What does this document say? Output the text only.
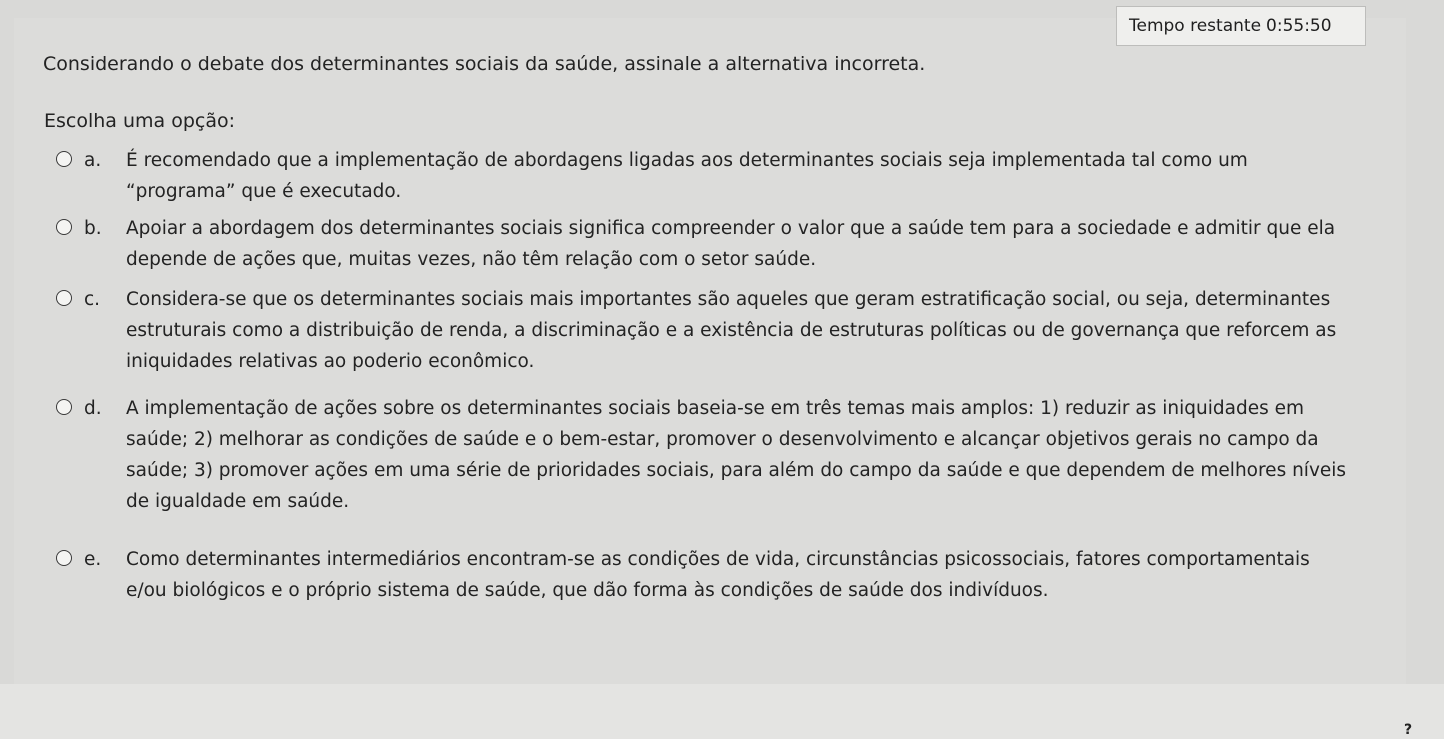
Tempo restante 0:55:50

Considerando o debate dos determinantes sociais da saúde, assinale a alternativa incorreta.

Escolha uma opção:

a. É recomendado que a implementação de abordagens ligadas aos determinantes sociais seja implementada tal como um “programa” que é executado.
b. Apoiar a abordagem dos determinantes sociais significa compreender o valor que a saúde tem para a sociedade e admitir que ela depende de ações que, muitas vezes, não têm relação com o setor saúde.
c. Considera-se que os determinantes sociais mais importantes são aqueles que geram estratificação social, ou seja, determinantes estruturais como a distribuição de renda, a discriminação e a existência de estruturas políticas ou de governança que reforcem as iniquidades relativas ao poderio econômico.
d. A implementação de ações sobre os determinantes sociais baseia-se em três temas mais amplos: 1) reduzir as iniquidades em saúde; 2) melhorar as condições de saúde e o bem-estar, promover o desenvolvimento e alcançar objetivos gerais no campo da saúde; 3) promover ações em uma série de prioridades sociais, para além do campo da saúde e que dependem de melhores níveis de igualdade em saúde.
e. Como determinantes intermediários encontram-se as condições de vida, circunstâncias psicossociais, fatores comportamentais e/ou biológicos e o próprio sistema de saúde, que dão forma às condições de saúde dos indivíduos.
?
